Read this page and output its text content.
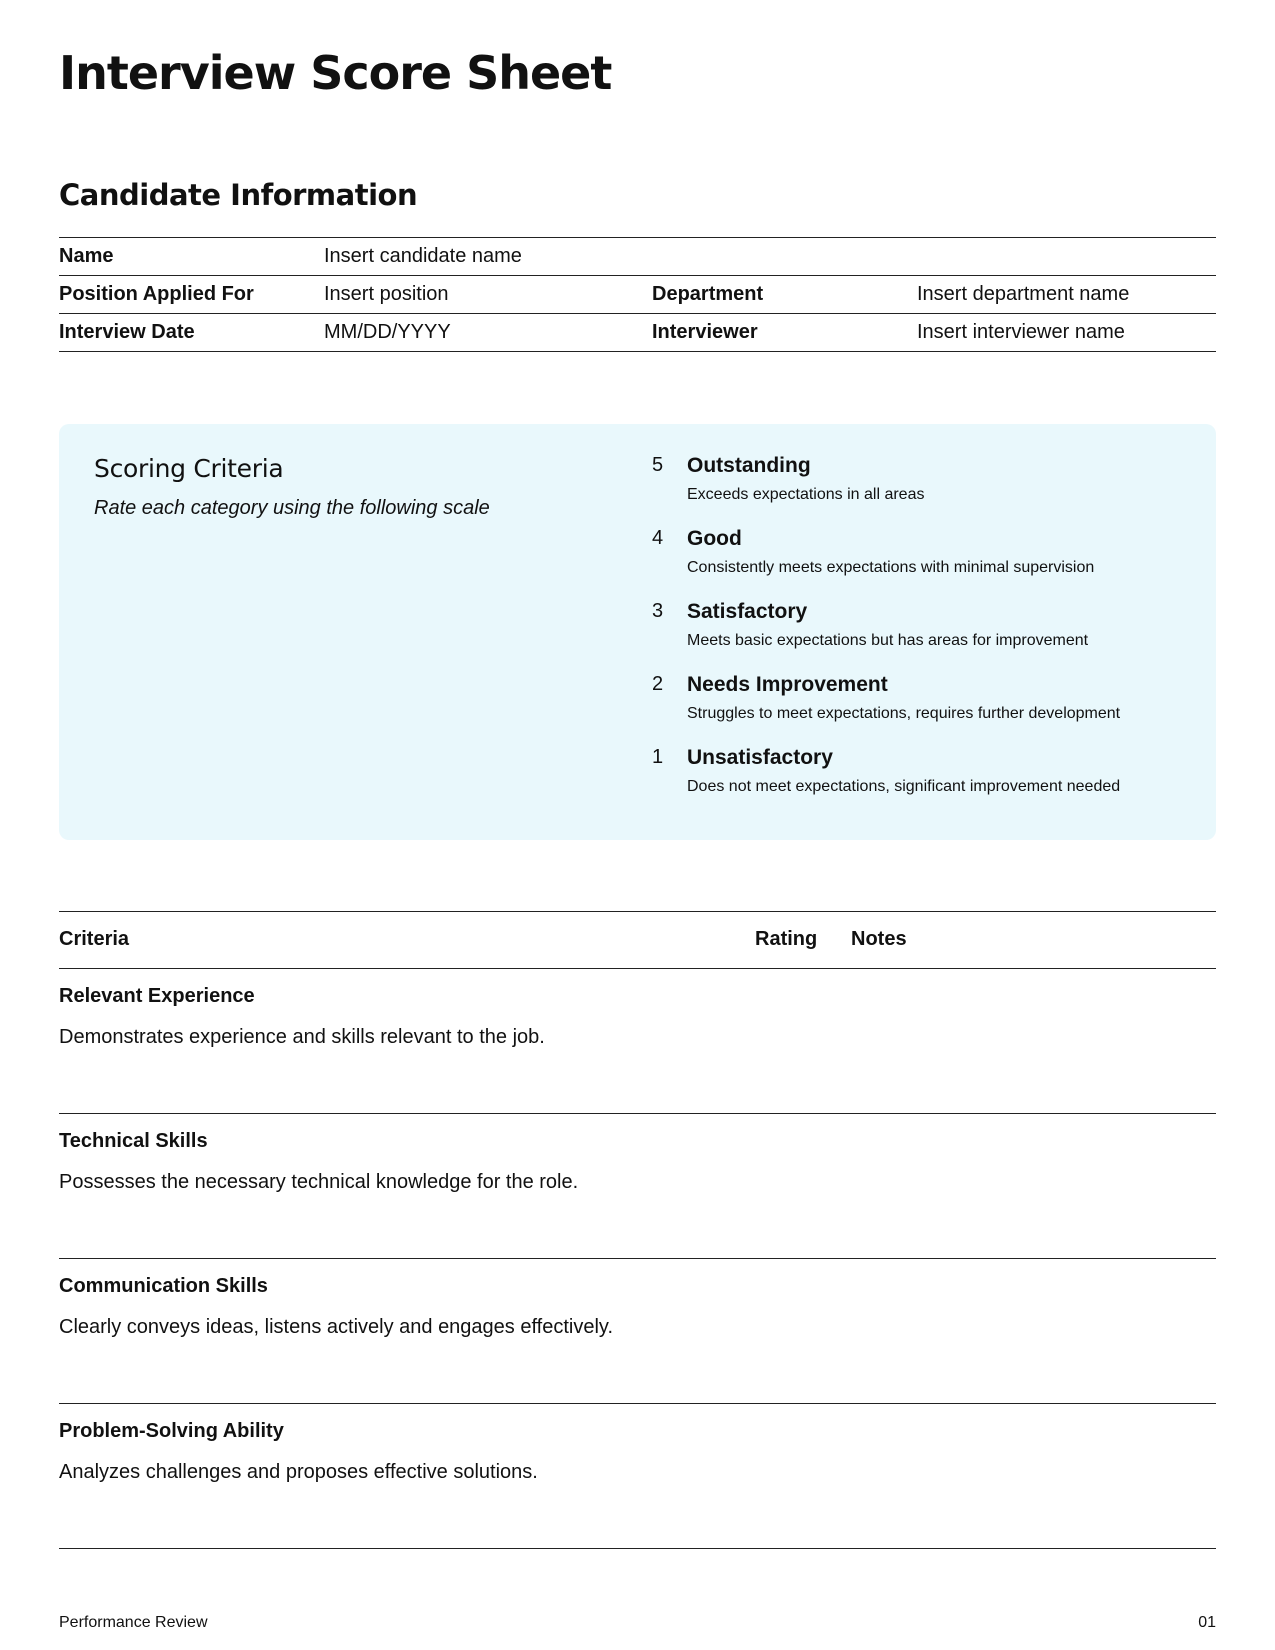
Interview Score Sheet
Candidate Information
Name	Insert candidate name		
Position Applied For	Insert position	Department	Insert department name
Interview Date	MM/DD/YYYY	Interviewer	Insert interviewer name
Scoring Criteria
Rate each category using the following scale
5 Outstanding
Exceeds expectations in all areas
4 Good
Consistently meets expectations with minimal supervision
3 Satisfactory
Meets basic expectations but has areas for improvement
2 Needs Improvement
Struggles to meet expectations, requires further development
1 Unsatisfactory
Does not meet expectations, significant improvement needed
Criteria	Rating Notes
Relevant Experience
Demonstrates experience and skills relevant to the job.
Technical Skills
Possesses the necessary technical knowledge for the role.
Communication Skills
Clearly conveys ideas, listens actively and engages effectively.
Problem-Solving Ability
Analyzes challenges and proposes effective solutions.
Performance Review	01
